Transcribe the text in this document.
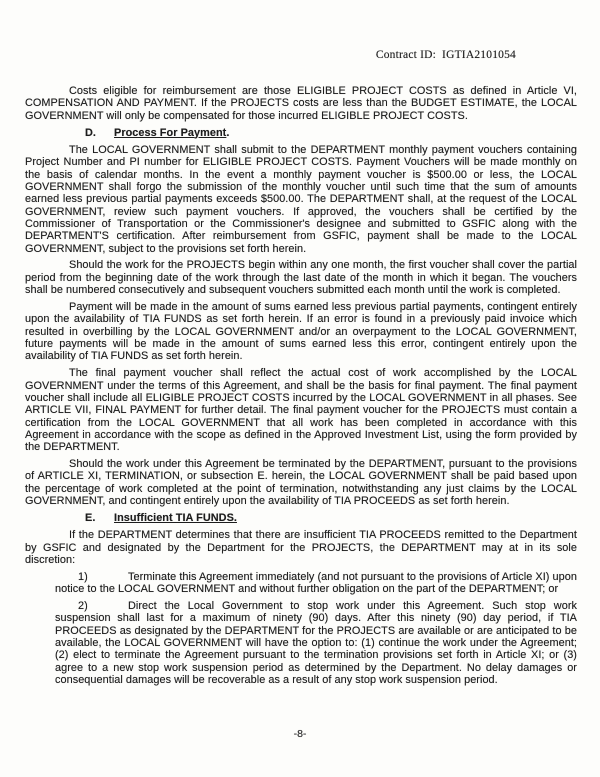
Contract ID: IGTIA2101054

Costs eligible for reimbursement are those ELIGIBLE PROJECT COSTS as defined in Article VI, COMPENSATION AND PAYMENT. If the PROJECTS costs are less than the BUDGET ESTIMATE, the LOCAL GOVERNMENT will only be compensated for those incurred ELIGIBLE PROJECT COSTS.

D. Process For Payment.

The LOCAL GOVERNMENT shall submit to the DEPARTMENT monthly payment vouchers containing Project Number and PI number for ELIGIBLE PROJECT COSTS. Payment Vouchers will be made monthly on the basis of calendar months. In the event a monthly payment voucher is $500.00 or less, the LOCAL GOVERNMENT shall forgo the submission of the monthly voucher until such time that the sum of amounts earned less previous partial payments exceeds $500.00. The DEPARTMENT shall, at the request of the LOCAL GOVERNMENT, review such payment vouchers. If approved, the vouchers shall be certified by the Commissioner of Transportation or the Commissioner's designee and submitted to GSFIC along with the DEPARTMENT'S certification. After reimbursement from GSFIC, payment shall be made to the LOCAL GOVERNMENT, subject to the provisions set forth herein.

Should the work for the PROJECTS begin within any one month, the first voucher shall cover the partial period from the beginning date of the work through the last date of the month in which it began. The vouchers shall be numbered consecutively and subsequent vouchers submitted each month until the work is completed.

Payment will be made in the amount of sums earned less previous partial payments, contingent entirely upon the availability of TIA FUNDS as set forth herein. If an error is found in a previously paid invoice which resulted in overbilling by the LOCAL GOVERNMENT and/or an overpayment to the LOCAL GOVERNMENT, future payments will be made in the amount of sums earned less this error, contingent entirely upon the availability of TIA FUNDS as set forth herein.

The final payment voucher shall reflect the actual cost of work accomplished by the LOCAL GOVERNMENT under the terms of this Agreement, and shall be the basis for final payment. The final payment voucher shall include all ELIGIBLE PROJECT COSTS incurred by the LOCAL GOVERNMENT in all phases. See ARTICLE VII, FINAL PAYMENT for further detail. The final payment voucher for the PROJECTS must contain a certification from the LOCAL GOVERNMENT that all work has been completed in accordance with this Agreement in accordance with the scope as defined in the Approved Investment List, using the form provided by the DEPARTMENT.

Should the work under this Agreement be terminated by the DEPARTMENT, pursuant to the provisions of ARTICLE XI, TERMINATION, or subsection E. herein, the LOCAL GOVERNMENT shall be paid based upon the percentage of work completed at the point of termination, notwithstanding any just claims by the LOCAL GOVERNMENT, and contingent entirely upon the availability of TIA PROCEEDS as set forth herein.

E. Insufficient TIA FUNDS.

If the DEPARTMENT determines that there are insufficient TIA PROCEEDS remitted to the Department by GSFIC and designated by the Department for the PROJECTS, the DEPARTMENT may at in its sole discretion:

1)	Terminate this Agreement immediately (and not pursuant to the provisions of Article XI) upon notice to the LOCAL GOVERNMENT and without further obligation on the part of the DEPARTMENT; or
2)	Direct the Local Government to stop work under this Agreement. Such stop work suspension shall last for a maximum of ninety (90) days. After this ninety (90) day period, if TIA PROCEEDS as designated by the DEPARTMENT for the PROJECTS are available or are anticipated to be available, the LOCAL GOVERNMENT will have the option to: (1) continue the work under the Agreement; (2) elect to terminate the Agreement pursuant to the termination provisions set forth in Article XI; or (3) agree to a new stop work suspension period as determined by the Department. No delay damages or consequential damages will be recoverable as a result of any stop work suspension period.
-8-
